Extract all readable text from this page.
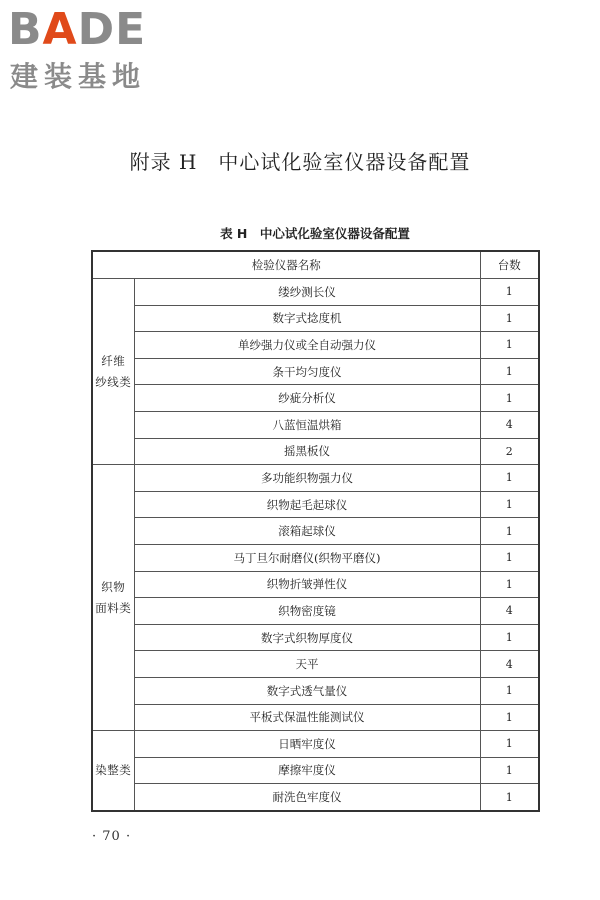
BADE
建装基地
附录 H　中心试化验室仪器设备配置
表 H　中心试化验室仪器设备配置
检验仪器名称		台数

纤维
纱线类	缕纱测长仪	1
	数字式捻度机	1
	单纱强力仪或全自动强力仪	1
	条干均匀度仪	1
	纱疵分析仪	1
	八蓝恒温烘箱	4
	摇黑板仪	2

织物
面料类	多功能织物强力仪	1
	织物起毛起球仪	1
	滚箱起球仪	1
	马丁旦尔耐磨仪(织物平磨仪)	1
	织物折皱弹性仪	1
	织物密度镜	4
	数字式织物厚度仪	1
	天平	4
	数字式透气量仪	1
	平板式保温性能测试仪	1

染整类	日晒牢度仪	1
	摩擦牢度仪	1
	耐洗色牢度仪	1
· 70 ·
